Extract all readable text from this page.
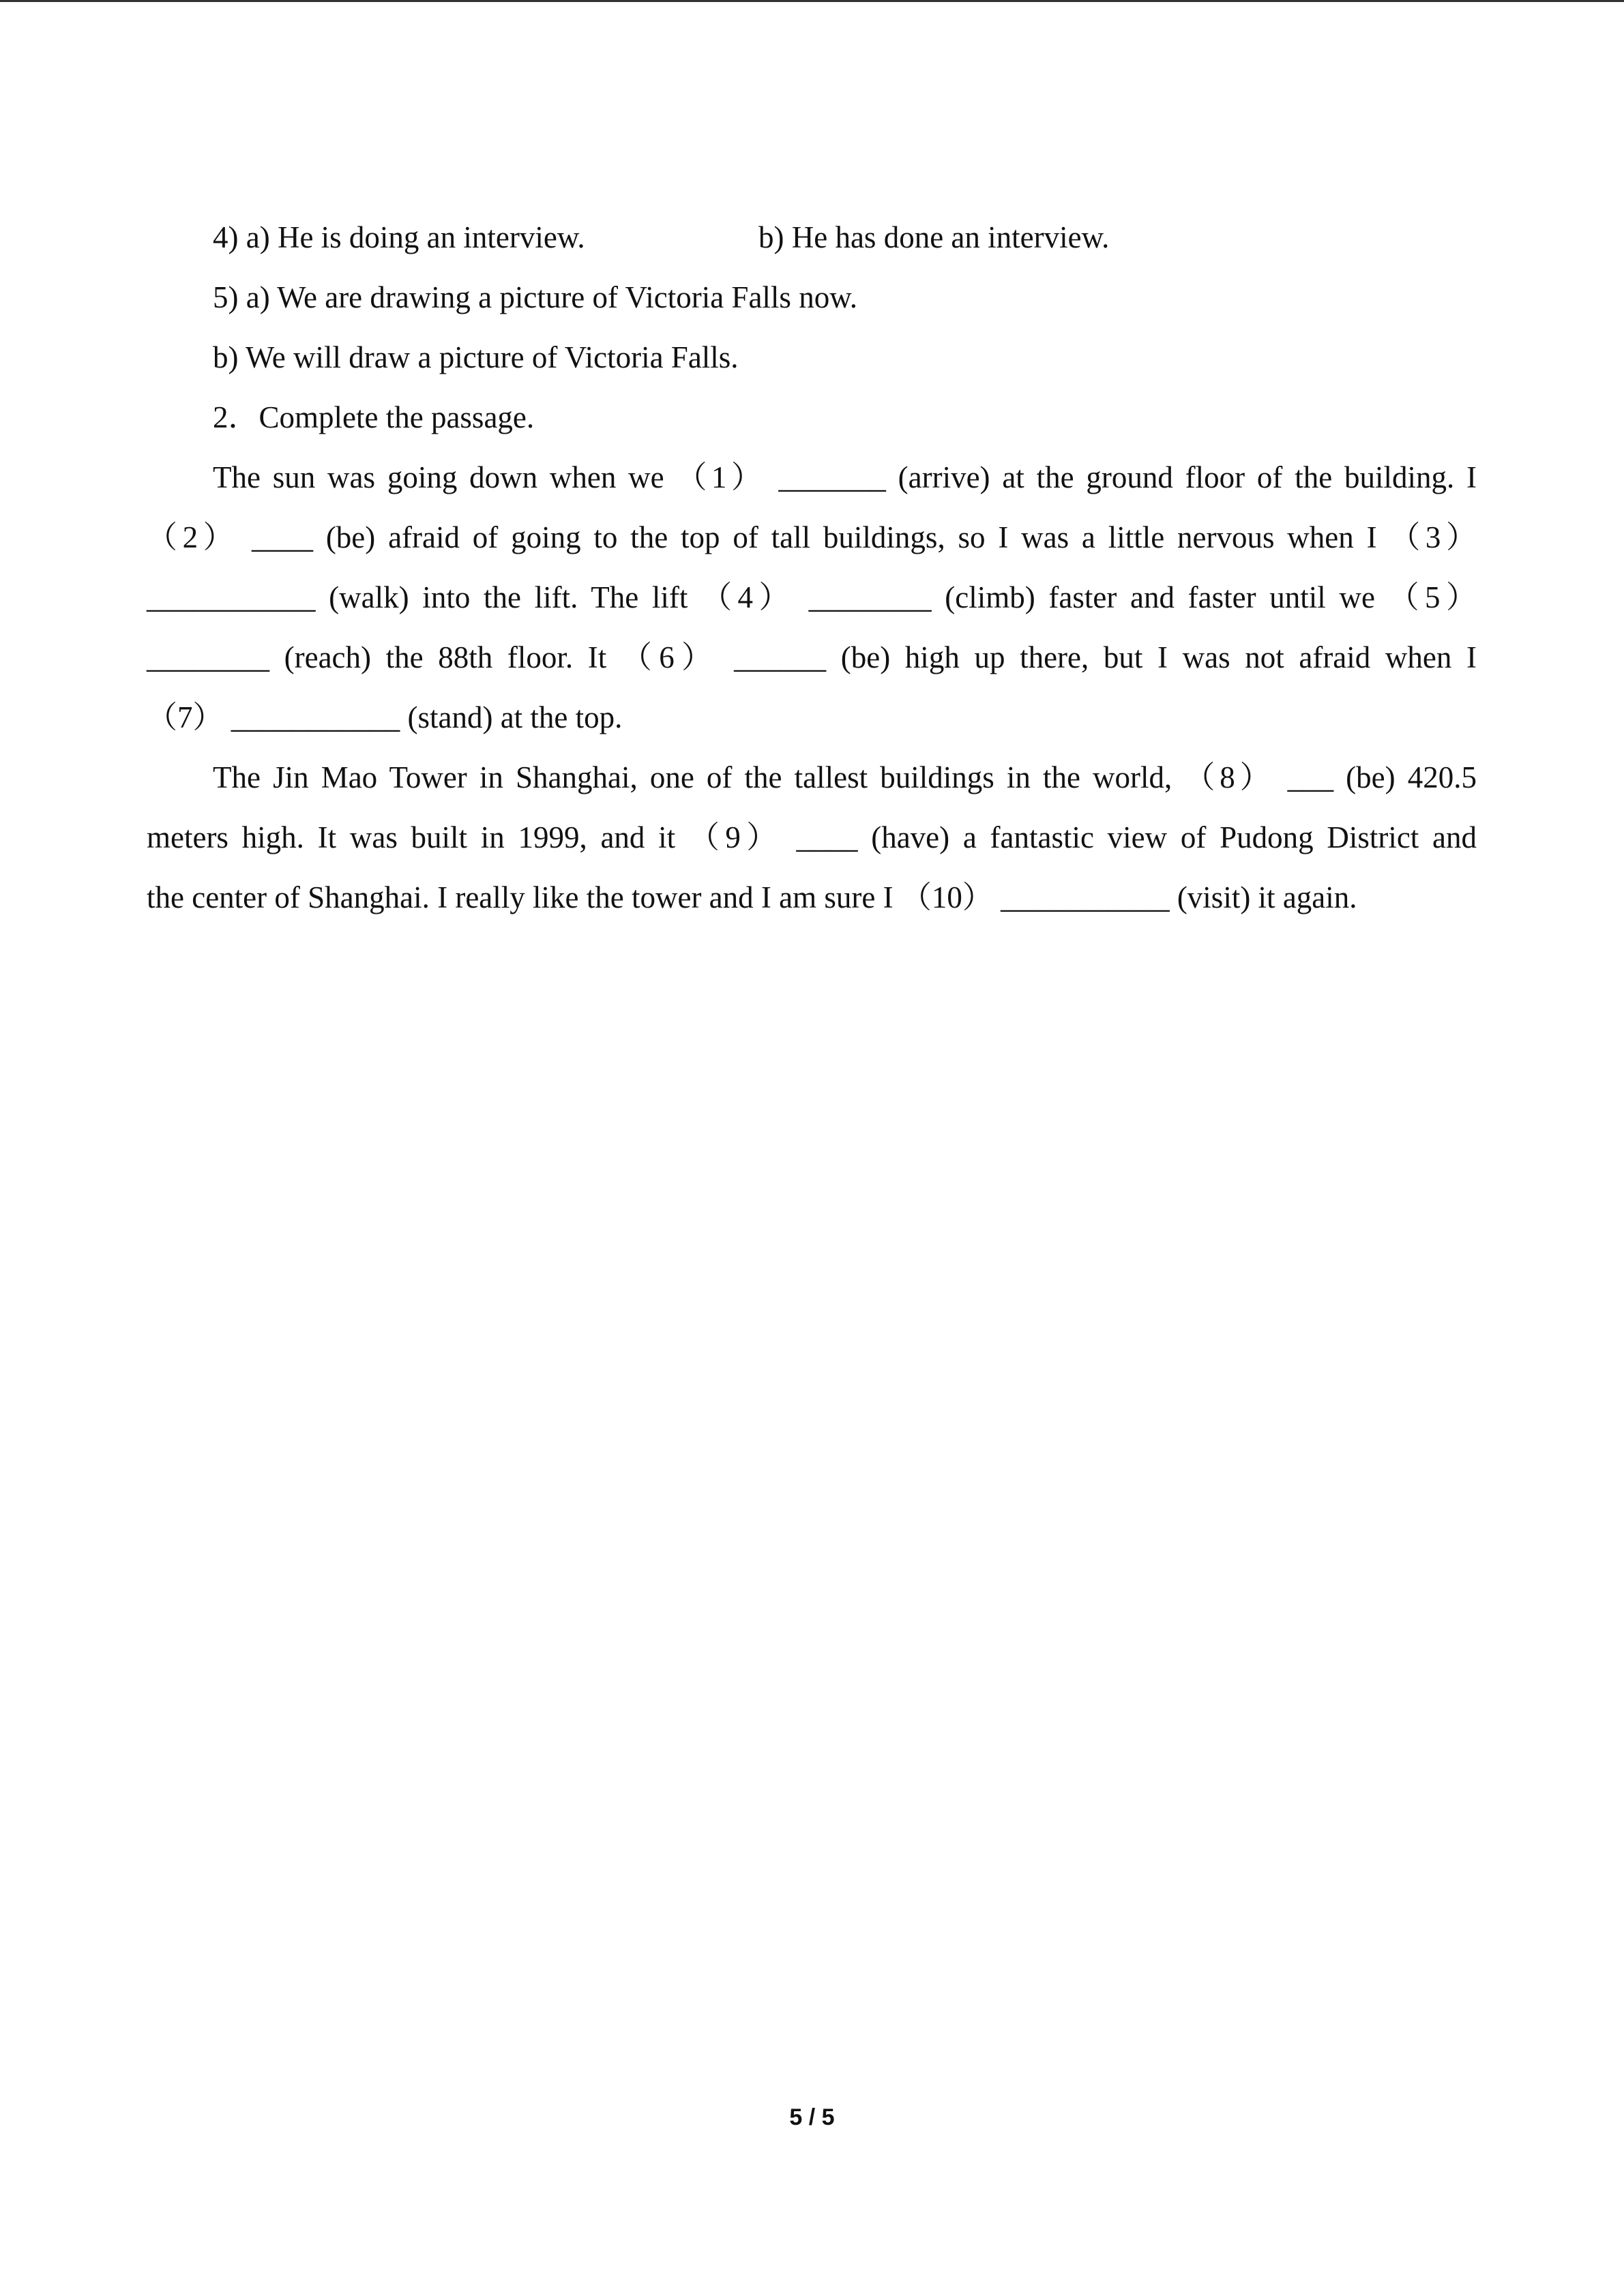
4) a) He is doing an interview.	b) He has done an interview.
5) a) We are drawing a picture of Victoria Falls now.
b) We will draw a picture of Victoria Falls.
2．Complete the passage.
The sun was going down when we （1） _______ (arrive) at the ground floor of the building. I
（2） ____ (be) afraid of going to the top of tall buildings, so I was a little nervous when I （3）
___________ (walk) into the lift. The lift （4） ________ (climb) faster and faster until we （5）
________ (reach) the 88th floor. It （6） ______ (be) high up there, but I was not afraid when I
（7） ___________ (stand) at the top.
The Jin Mao Tower in Shanghai, one of the tallest buildings in the world, （8） ___ (be) 420.5
meters high. It was built in 1999, and it （9） ____ (have) a fantastic view of Pudong District and
the center of Shanghai. I really like the tower and I am sure I （10） ___________ (visit) it again.
5 / 5
